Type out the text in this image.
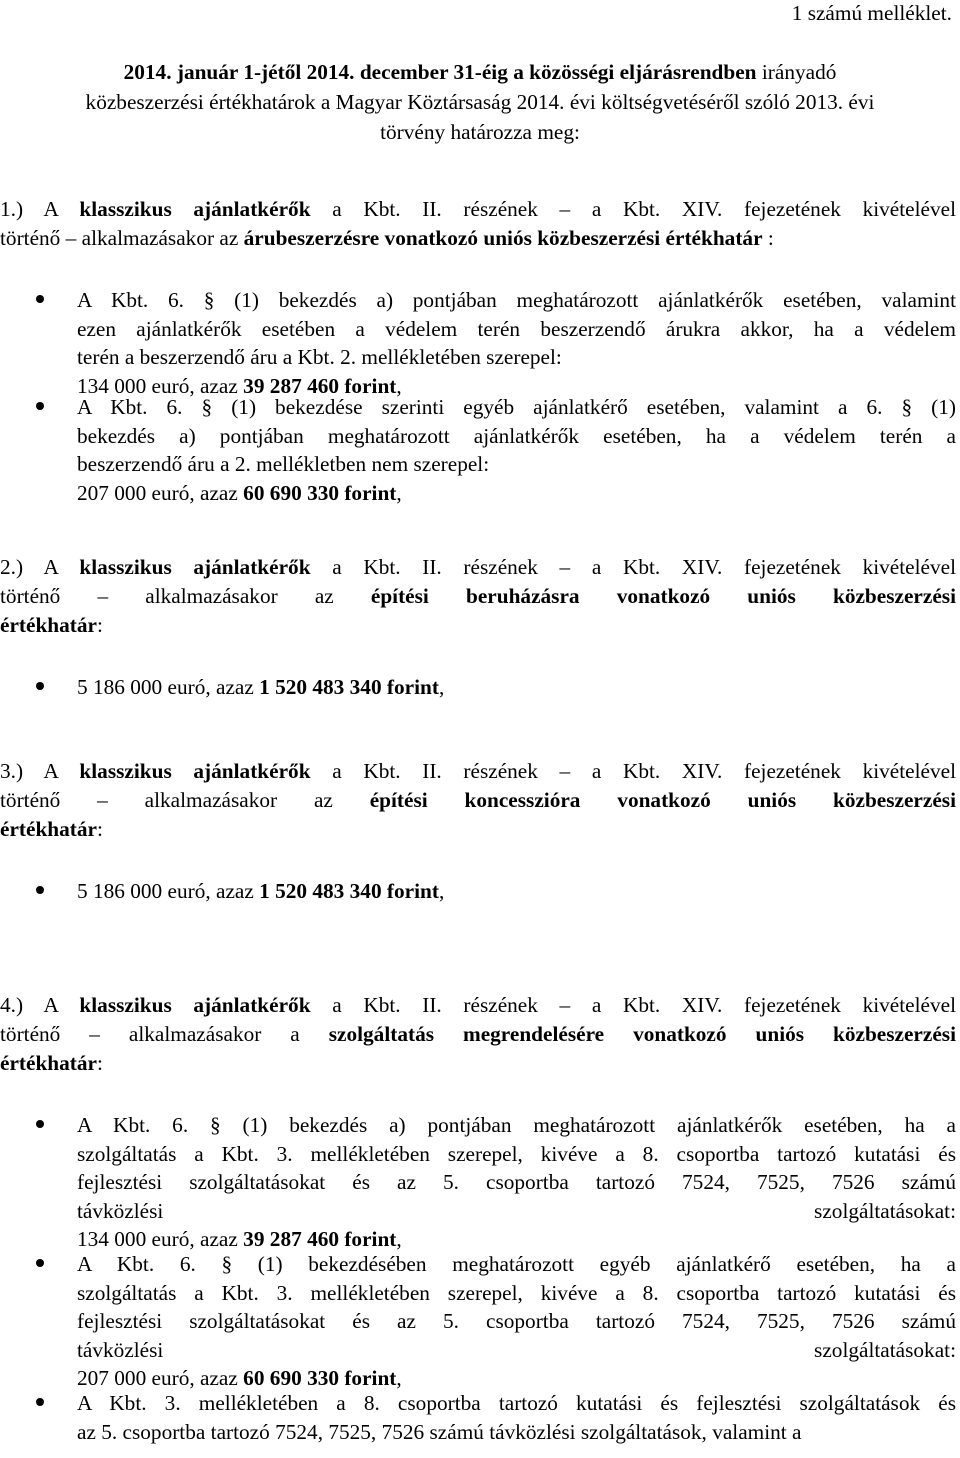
1 számú melléklet.
2014. január 1-jétől 2014. december 31-éig a közösségi eljárásrendben irányadó
közbeszerzési értékhatárok a Magyar Köztársaság 2014. évi költségvetéséről szóló 2013. évi
törvény határozza meg:
1.) A klasszikus ajánlatkérők a Kbt. II. részének – a Kbt. XIV. fejezetének kivételével
történő – alkalmazásakor az árubeszerzésre vonatkozó uniós közbeszerzési értékhatár :
A Kbt. 6. § (1) bekezdés a) pontjában meghatározott ajánlatkérők esetében, valamint
ezen ajánlatkérők esetében a védelem terén beszerzendő árukra akkor, ha a védelem
terén a beszerzendő áru a Kbt. 2. mellékletében szerepel:
134 000 euró, azaz 39 287 460 forint,
A Kbt. 6. § (1) bekezdése szerinti egyéb ajánlatkérő esetében, valamint a 6. § (1)
bekezdés a) pontjában meghatározott ajánlatkérők esetében, ha a védelem terén a
beszerzendő áru a 2. mellékletben nem szerepel:
207 000 euró, azaz 60 690 330 forint,
2.) A klasszikus ajánlatkérők a Kbt. II. részének – a Kbt. XIV. fejezetének kivételével
történő – alkalmazásakor az építési beruházásra vonatkozó uniós közbeszerzési
értékhatár:
5 186 000 euró, azaz 1 520 483 340 forint,
3.) A klasszikus ajánlatkérők a Kbt. II. részének – a Kbt. XIV. fejezetének kivételével
történő – alkalmazásakor az építési koncesszióra vonatkozó uniós közbeszerzési
értékhatár:
5 186 000 euró, azaz 1 520 483 340 forint,
4.) A klasszikus ajánlatkérők a Kbt. II. részének – a Kbt. XIV. fejezetének kivételével
történő – alkalmazásakor a szolgáltatás megrendelésére vonatkozó uniós közbeszerzési
értékhatár:
A Kbt. 6. § (1) bekezdés a) pontjában meghatározott ajánlatkérők esetében, ha a
szolgáltatás a Kbt. 3. mellékletében szerepel, kivéve a 8. csoportba tartozó kutatási és
fejlesztési szolgáltatásokat és az 5. csoportba tartozó 7524, 7525, 7526 számú
távközlési szolgáltatásokat:
134 000 euró, azaz 39 287 460 forint,
A Kbt. 6. § (1) bekezdésében meghatározott egyéb ajánlatkérő esetében, ha a
szolgáltatás a Kbt. 3. mellékletében szerepel, kivéve a 8. csoportba tartozó kutatási és
fejlesztési szolgáltatásokat és az 5. csoportba tartozó 7524, 7525, 7526 számú
távközlési szolgáltatásokat:
207 000 euró, azaz 60 690 330 forint,
A Kbt. 3. mellékletében a 8. csoportba tartozó kutatási és fejlesztési szolgáltatások és
az 5. csoportba tartozó 7524, 7525, 7526 számú távközlési szolgáltatások, valamint a
